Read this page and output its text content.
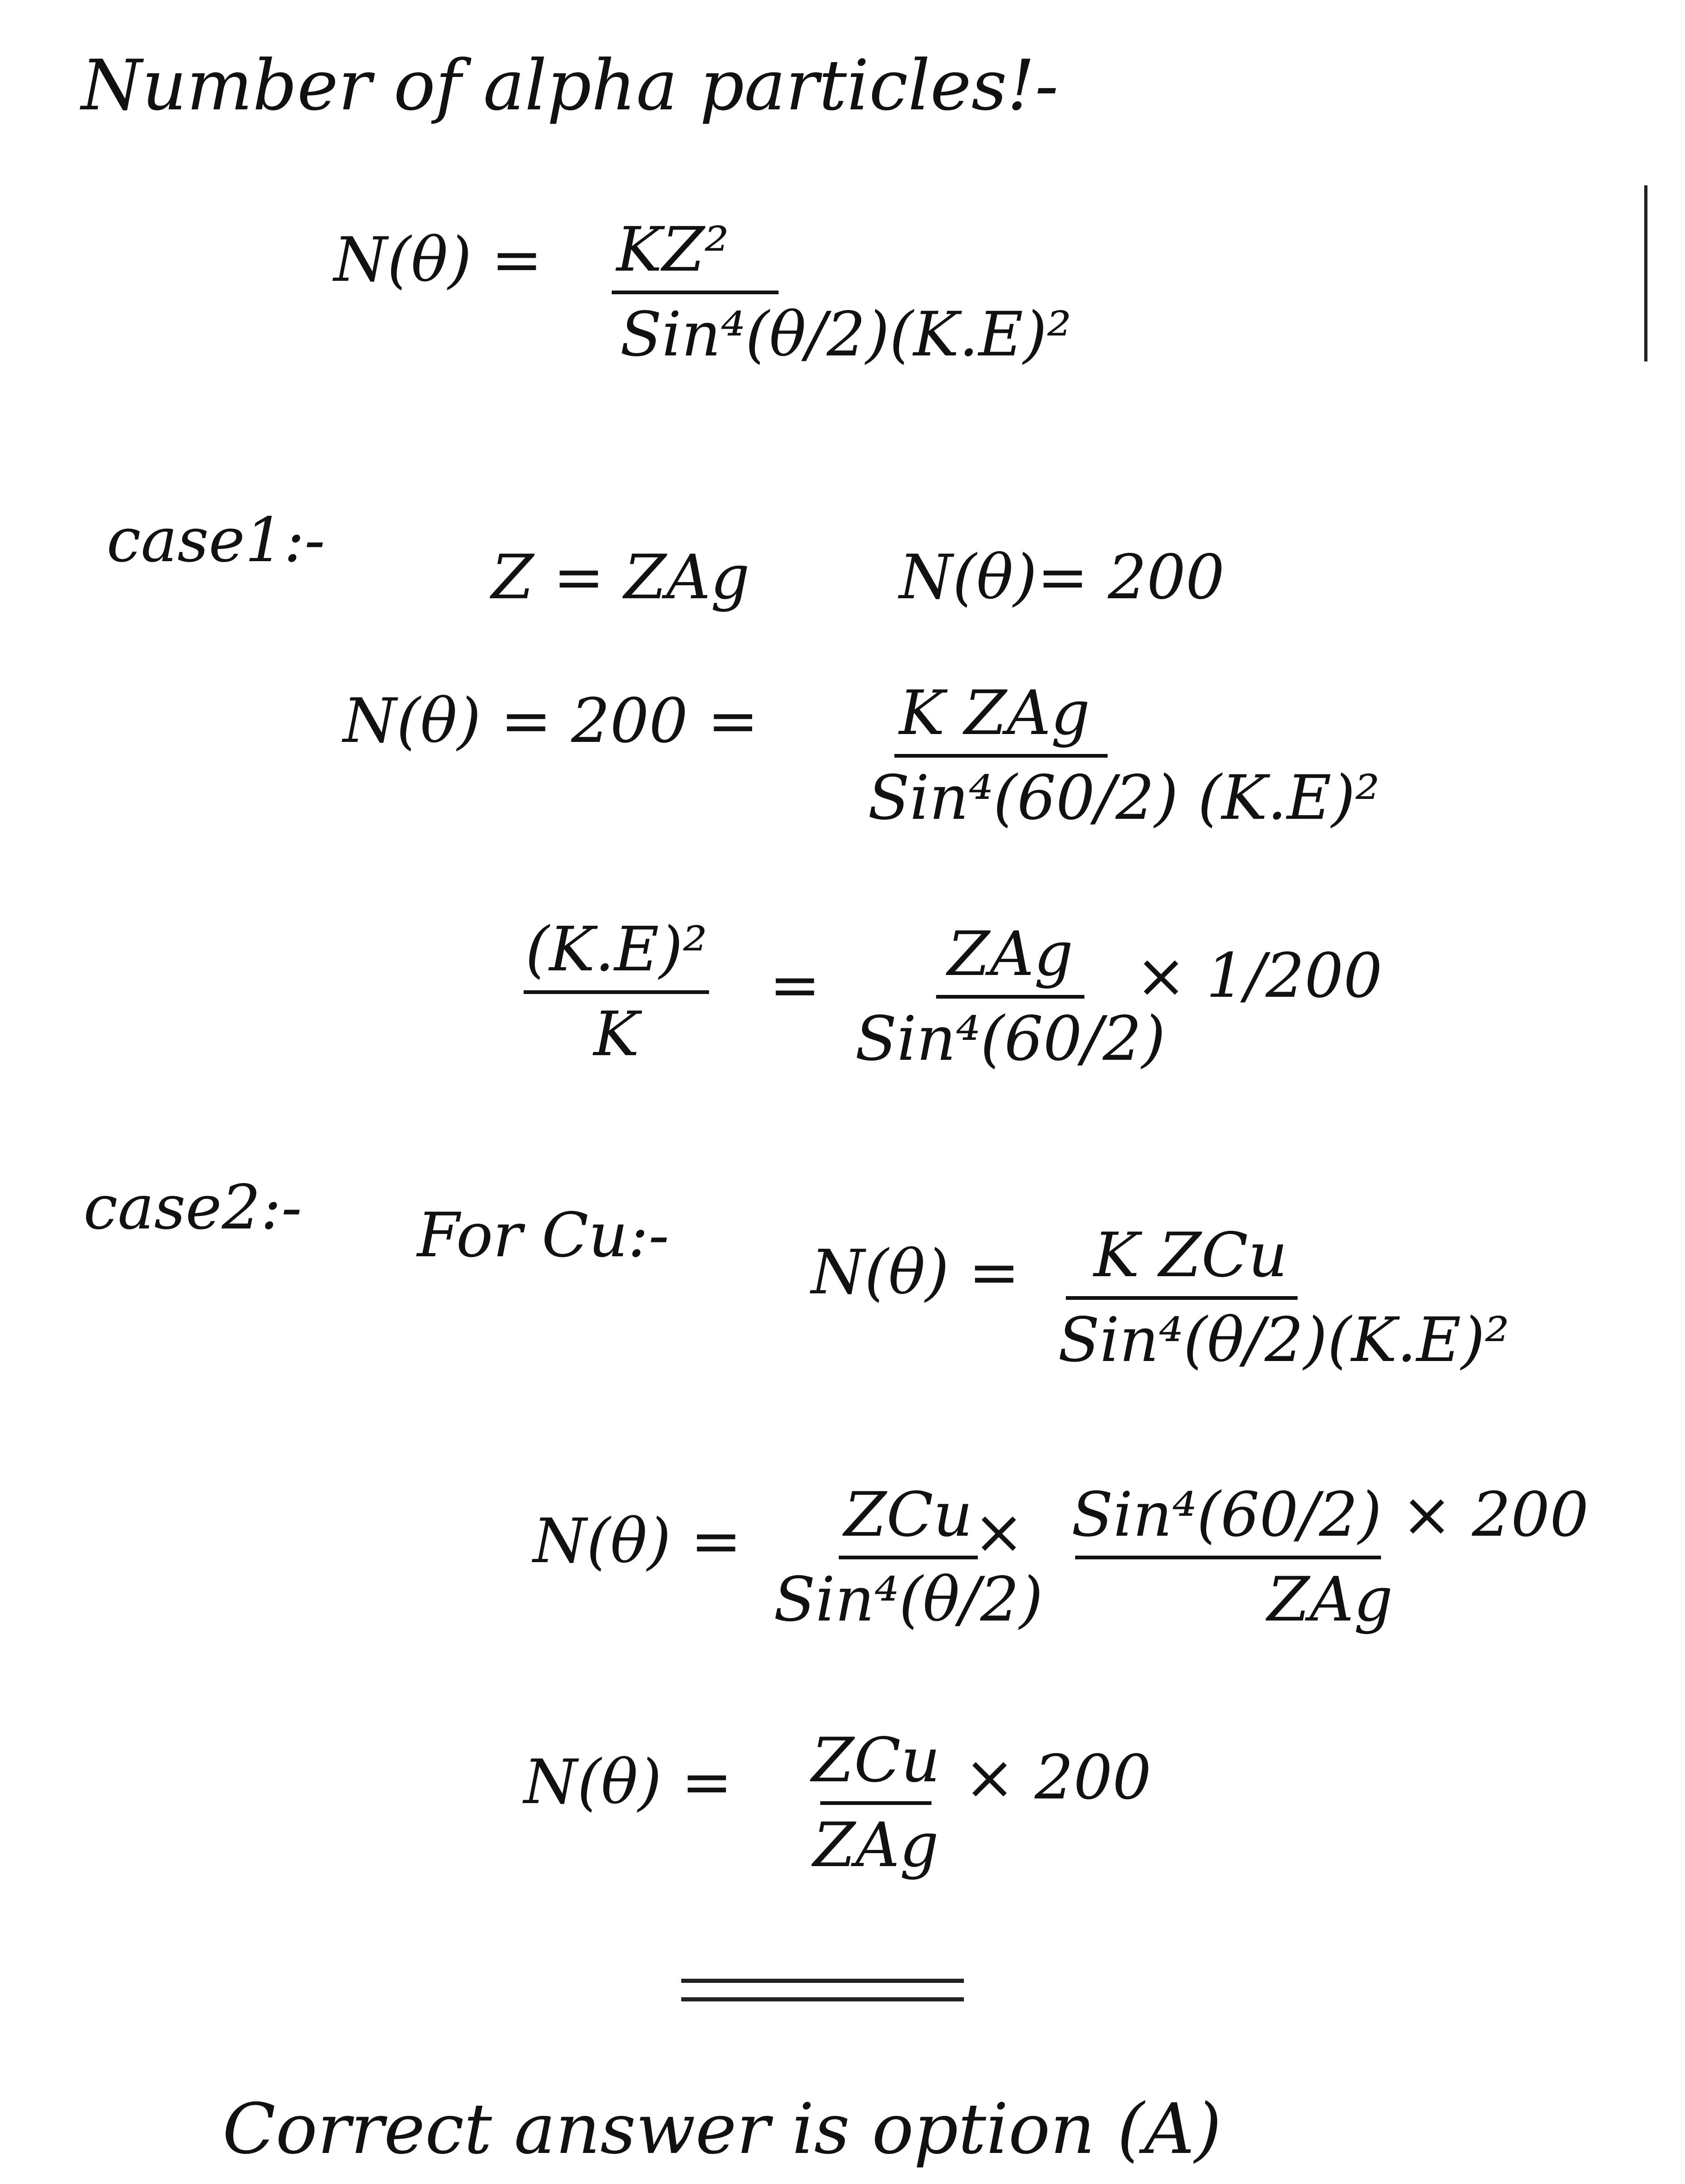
Number of alpha particles!-
N(θ) = KZ²
Sin⁴(θ/2)(K.E)²
case1:-
Z = ZAg N(θ)= 200
N(θ) = 200 = K ZAg
Sin⁴(60/2) (K.E)²
(K.E)²
K
= ZAg
Sin⁴(60/2)
× 1/200
case2:- For Cu:-
N(θ) = K ZCu
Sin⁴(θ/2)(K.E)²
N(θ) = ZCu
Sin⁴(θ/2)
× Sin⁴(60/2) × 200
ZAg
N(θ) = ZCu
ZAg
× 200
Correct answer is option (A)
